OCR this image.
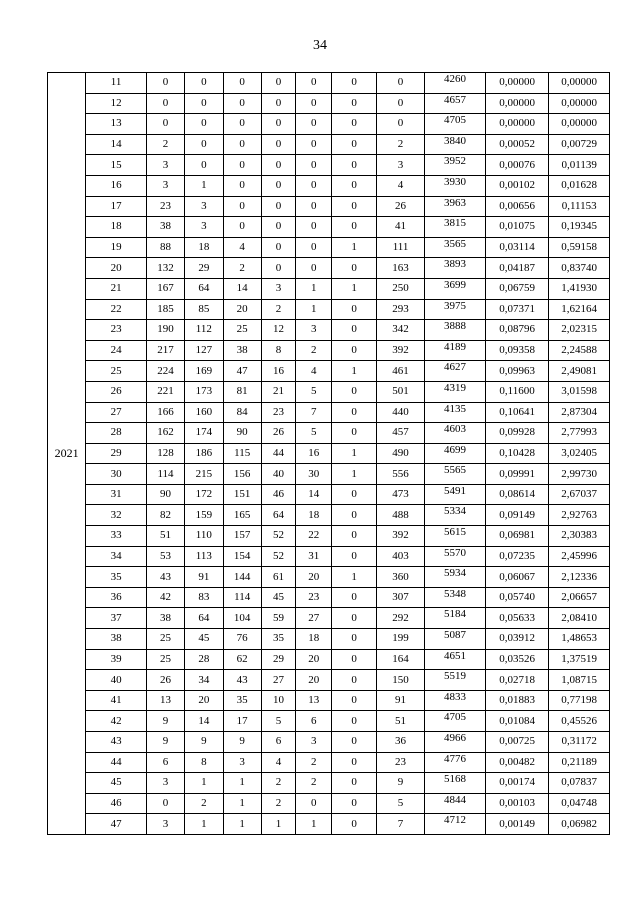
34
2021	11	0	0	0	0	0	0	0	4260	0,00000	0,00000
	12	0	0	0	0	0	0	0	4657	0,00000	0,00000
	13	0	0	0	0	0	0	0	4705	0,00000	0,00000
	14	2	0	0	0	0	0	2	3840	0,00052	0,00729
	15	3	0	0	0	0	0	3	3952	0,00076	0,01139
	16	3	1	0	0	0	0	4	3930	0,00102	0,01628
	17	23	3	0	0	0	0	26	3963	0,00656	0,11153
	18	38	3	0	0	0	0	41	3815	0,01075	0,19345
	19	88	18	4	0	0	1	111	3565	0,03114	0,59158
	20	132	29	2	0	0	0	163	3893	0,04187	0,83740
	21	167	64	14	3	1	1	250	3699	0,06759	1,41930
	22	185	85	20	2	1	0	293	3975	0,07371	1,62164
	23	190	112	25	12	3	0	342	3888	0,08796	2,02315
	24	217	127	38	8	2	0	392	4189	0,09358	2,24588
	25	224	169	47	16	4	1	461	4627	0,09963	2,49081
	26	221	173	81	21	5	0	501	4319	0,11600	3,01598
	27	166	160	84	23	7	0	440	4135	0,10641	2,87304
	28	162	174	90	26	5	0	457	4603	0,09928	2,77993
	29	128	186	115	44	16	1	490	4699	0,10428	3,02405
	30	114	215	156	40	30	1	556	5565	0,09991	2,99730
	31	90	172	151	46	14	0	473	5491	0,08614	2,67037
	32	82	159	165	64	18	0	488	5334	0,09149	2,92763
	33	51	110	157	52	22	0	392	5615	0,06981	2,30383
	34	53	113	154	52	31	0	403	5570	0,07235	2,45996
	35	43	91	144	61	20	1	360	5934	0,06067	2,12336
	36	42	83	114	45	23	0	307	5348	0,05740	2,06657
	37	38	64	104	59	27	0	292	5184	0,05633	2,08410
	38	25	45	76	35	18	0	199	5087	0,03912	1,48653
	39	25	28	62	29	20	0	164	4651	0,03526	1,37519
	40	26	34	43	27	20	0	150	5519	0,02718	1,08715
	41	13	20	35	10	13	0	91	4833	0,01883	0,77198
	42	9	14	17	5	6	0	51	4705	0,01084	0,45526
	43	9	9	9	6	3	0	36	4966	0,00725	0,31172
	44	6	8	3	4	2	0	23	4776	0,00482	0,21189
	45	3	1	1	2	2	0	9	5168	0,00174	0,07837
	46	0	2	1	2	0	0	5	4844	0,00103	0,04748
	47	3	1	1	1	1	0	7	4712	0,00149	0,06982
